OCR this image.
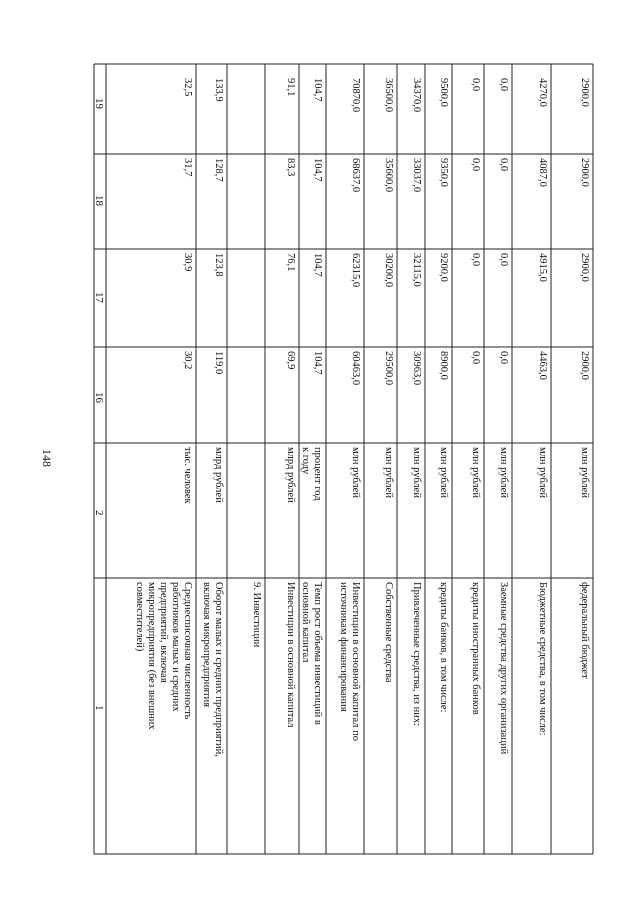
148
1
2
16
17
18
19
Среднесписочная численность
работников малых и средних
предприятий, включая
микропредприятия (без внешних
совместителей)
тыс. человек
30,2
30,9
31,7
32,5
Оборот малых и средних предприятий,
включая микропредприятия
млрд рублей
119,0
123,8
128,7
133,9
9. Инвестиции Инвестиции в основной капитал
млрд рублей
69,9
76,1
83,3
91,1
Темп рост объема инвестиций в
основной капитал
процент год
к году
104,7
104,7
104,7
104,7
Инвестиции в основной капитал по
источникам финансирования
млн рублей
60463,0
62315,0
68637,0
70870,0
Собственные средства
млн рублей
29500,0
30200,0
35600,0
36500,0
Привлеченные средства, из них:
млн рублей
30963,0
32115,0
33037,0
34370,0
кредиты банков, в том числе:
млн рублей
8900,0
9200,0
9350,0
9500,0
кредиты иностранных банков
млн рублей
0,0
0,0
0,0
0,0
Заемные средства других организаций
млн рублей
0,0
0,0
0,0
0,0
Бюджетные средства, в том числе:
млн рублей
4463,0
4915,0
4087,0
4270,0
федеральный бюджет
млн рублей
2900,0
2900,0
2900,0
2900,0
